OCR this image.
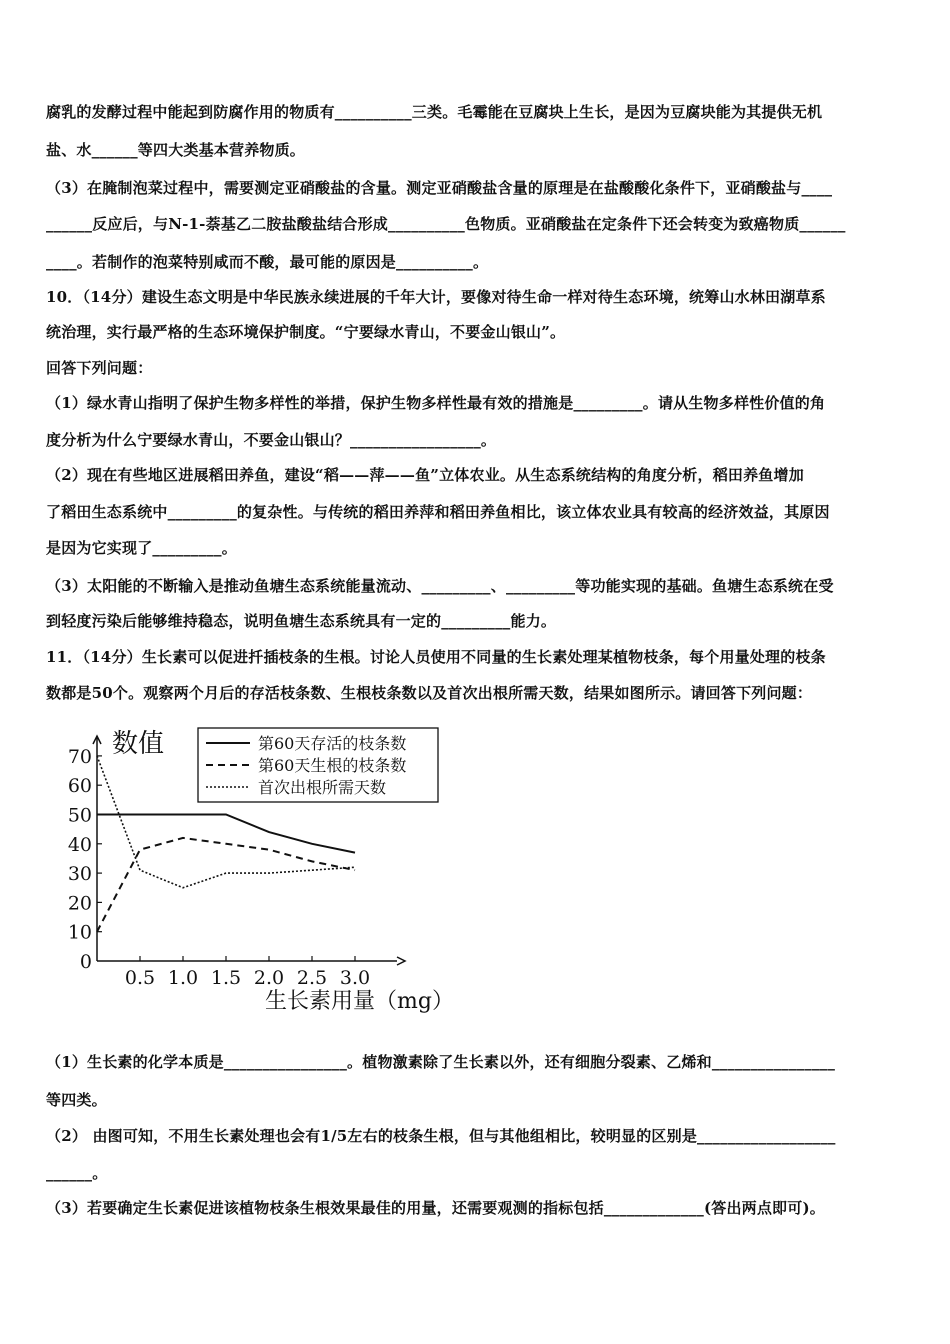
腐乳的发酵过程中能起到防腐作用的物质有__________三类。毛霉能在豆腐块上生长，是因为豆腐块能为其提供无机
盐、水______等四大类基本营养物质。
（3）在腌制泡菜过程中，需要测定亚硝酸盐的含量。测定亚硝酸盐含量的原理是在盐酸酸化条件下，亚硝酸盐与____
______反应后，与N-1-萘基乙二胺盐酸盐结合形成__________色物质。亚硝酸盐在定条件下还会转变为致癌物质______
____。若制作的泡菜特别咸而不酸，最可能的原因是__________。
10．（14分）建设生态文明是中华民族永续进展的千年大计，要像对待生命一样对待生态环境，统筹山水林田湖草系
统治理，实行最严格的生态环境保护制度。“宁要绿水青山，不要金山银山”。
回答下列问题：
（1）绿水青山指明了保护生物多样性的举措，保护生物多样性最有效的措施是_________。请从生物多样性价值的角
度分析为什么宁要绿水青山，不要金山银山？_________________。
（2）现在有些地区进展稻田养鱼，建设“稻——萍——鱼”立体农业。从生态系统结构的角度分析，稻田养鱼增加
了稻田生态系统中_________的复杂性。与传统的稻田养萍和稻田养鱼相比，该立体农业具有较高的经济效益，其原因
是因为它实现了_________。
（3）太阳能的不断输入是推动鱼塘生态系统能量流动、_________、_________等功能实现的基础。鱼塘生态系统在受
到轻度污染后能够维持稳态，说明鱼塘生态系统具有一定的_________能力。
11．（14分）生长素可以促进扦插枝条的生根。讨论人员使用不同量的生长素处理某植物枝条，每个用量处理的枝条
数都是50个。观察两个月后的存活枝条数、生根枝条数以及首次出根所需天数，结果如图所示。请回答下列问题：
0.5 1.0 1.5 2.0 2.5 3.0
0
10
20
30
40
50
60
70
第60天存活的枝条数
第60天生根的枝条数
首次出根所需天数
数值
生长素用量（mg）
（1）生长素的化学本质是________________。植物激素除了生长素以外，还有细胞分裂素、乙烯和________________
等四类。
（2） 由图可知，不用生长素处理也会有1/5左右的枝条生根，但与其他组相比，较明显的区别是__________________
______。
（3）若要确定生长素促进该植物枝条生根效果最佳的用量，还需要观测的指标包括_____________(答出两点即可)。
